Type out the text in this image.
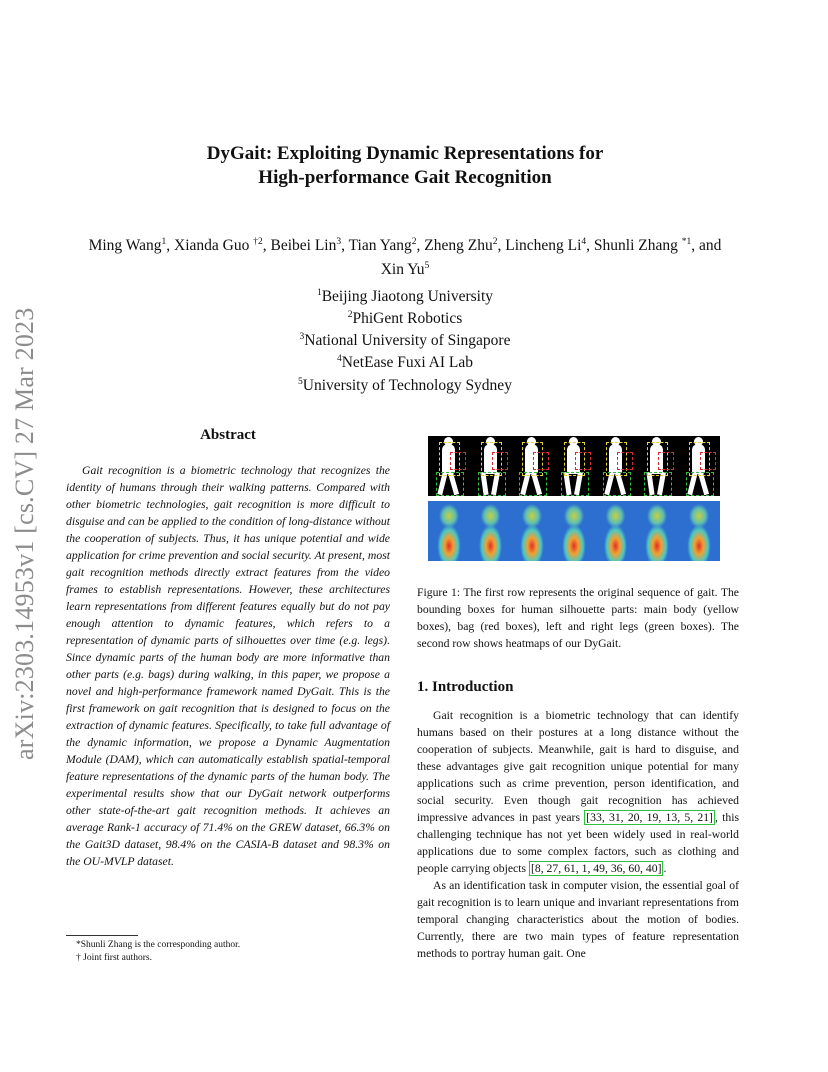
arXiv:2303.14953v1 [cs.CV] 27 Mar 2023
DyGait: Exploiting Dynamic Representations for
High-performance Gait Recognition
Ming Wang$^1$, Xianda Guo $^{\dagger 2}$, Beibei Lin$^3$, Tian Yang$^2$, Zheng Zhu$^2$, Lincheng Li$^4$, Shunli Zhang $^{*1}$, and
Xin Yu$^5$
$^1$Beijing Jiaotong University
$^2$PhiGent Robotics
$^3$National University of Singapore
$^4$NetEase Fuxi AI Lab
$^5$University of Technology Sydney
Abstract
Gait recognition is a biometric technology that recognizes the identity of humans through their walking patterns. Compared with other biometric technologies, gait recognition is more difficult to disguise and can be applied to the condition of long-distance without the cooperation of subjects. Thus, it has unique potential and wide application for crime prevention and social security. At present, most gait recognition methods directly extract features from the video frames to establish representations. However, these architectures learn representations from different features equally but do not pay enough attention to dynamic features, which refers to a representation of dynamic parts of silhouettes over time (e.g. legs). Since dynamic parts of the human body are more informative than other parts (e.g. bags) during walking, in this paper, we propose a novel and high-performance framework named DyGait. This is the first framework on gait recognition that is designed to focus on the extraction of dynamic features. Specifically, to take full advantage of the dynamic information, we propose a Dynamic Augmentation Module (DAM), which can automatically establish spatial-temporal feature representations of the dynamic parts of the human body. The experimental results show that our DyGait network outperforms other state-of-the-art gait recognition methods. It achieves an average Rank-1 accuracy of 71.4% on the GREW dataset, 66.3% on the Gait3D dataset, 98.4% on the CASIA-B dataset and 98.3% on the OU-MVLP dataset.
*Shunli Zhang is the corresponding author.
† Joint first authors.
Figure 1: The first row represents the original sequence of gait. The bounding boxes for human silhouette parts: main body (yellow boxes), bag (red boxes), left and right legs (green boxes). The second row shows heatmaps of our DyGait.
1. Introduction

Gait recognition is a biometric technology that can identify humans based on their postures at a long distance without the cooperation of subjects. Meanwhile, gait is hard to disguise, and these advantages give gait recognition unique potential for many applications such as crime prevention, person identification, and social security. Even though gait recognition has achieved impressive advances in past years [33, 31, 20, 19, 13, 5, 21] , this challenging technique has not yet been widely used in real-world applications due to some complex factors, such as clothing and people carrying objects [8, 27, 61, 1, 49, 36, 60, 40] .

As an identification task in computer vision, the essential goal of gait recognition is to learn unique and invariant representations from temporal changing characteristics about the motion of bodies. Currently, there are two main types of feature representation methods to portray human gait. One
